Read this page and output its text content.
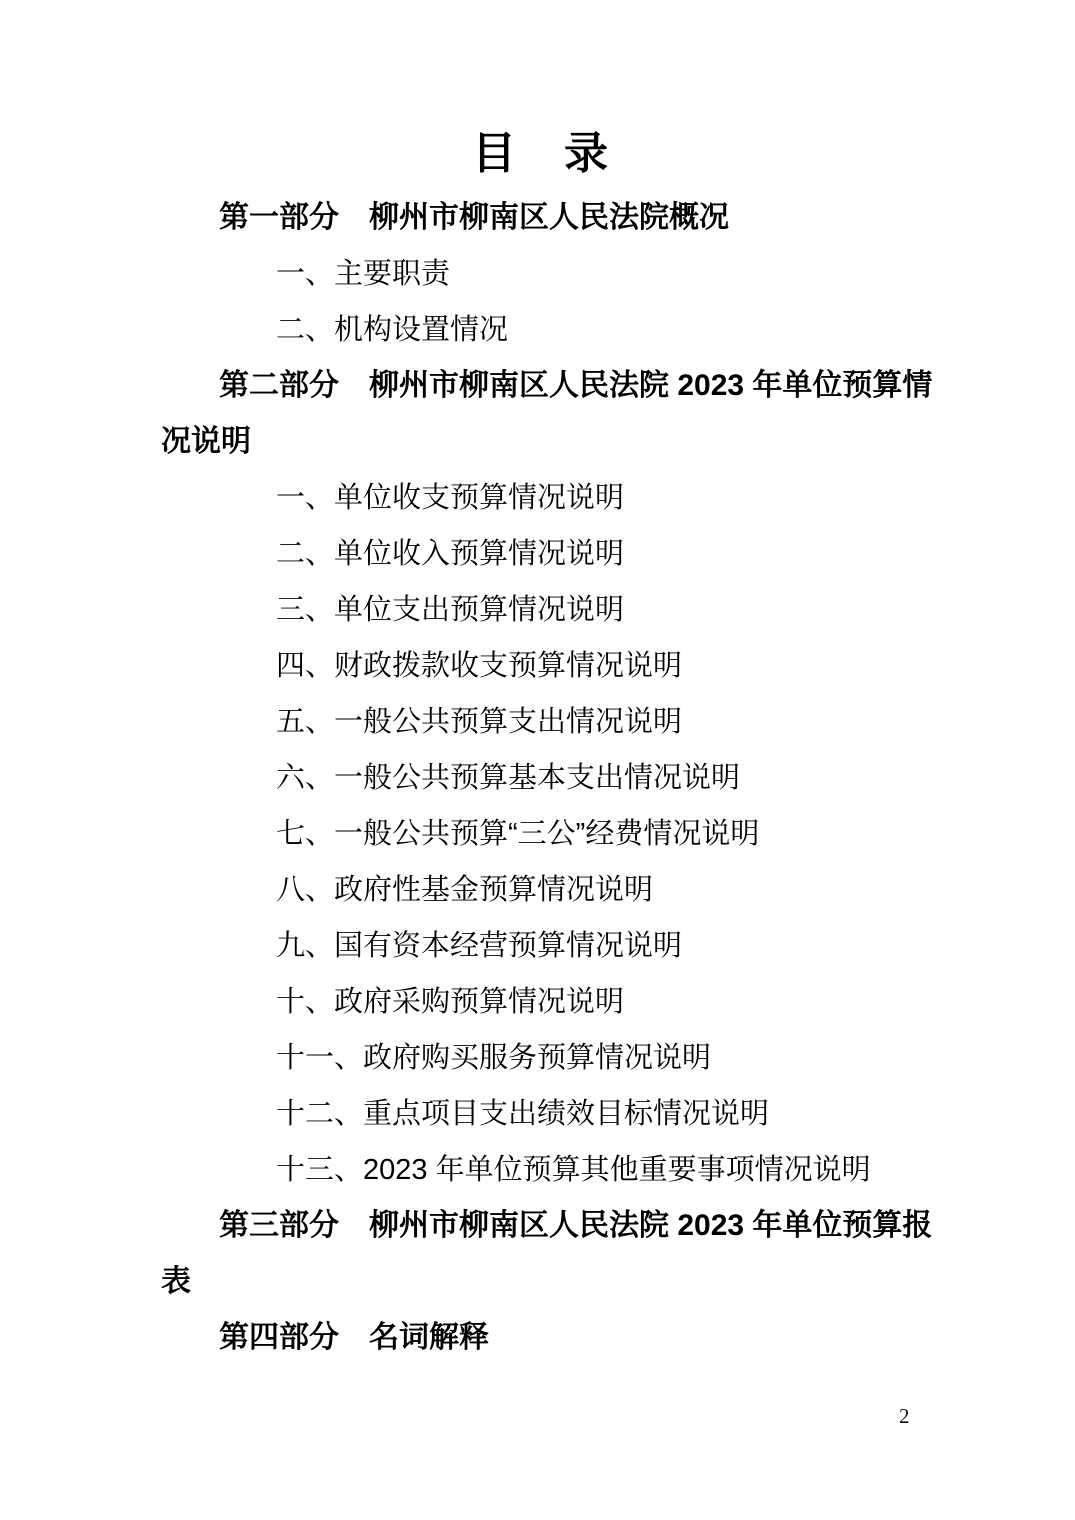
目　录
第一部分　柳州市柳南区人民法院概况
一、主要职责
二、机构设置情况
第二部分　柳州市柳南区人民法院 2023 年单位预算情
况说明
一、单位收支预算情况说明
二、单位收入预算情况说明
三、单位支出预算情况说明
四、财政拨款收支预算情况说明
五、一般公共预算支出情况说明
六、一般公共预算基本支出情况说明
七、一般公共预算“三公”经费情况说明
八、政府性基金预算情况说明
九、国有资本经营预算情况说明
十、政府采购预算情况说明
十一、政府购买服务预算情况说明
十二、重点项目支出绩效目标情况说明
十三、2023 年单位预算其他重要事项情况说明
第三部分　柳州市柳南区人民法院 2023 年单位预算报
表
第四部分　名词解释
2
